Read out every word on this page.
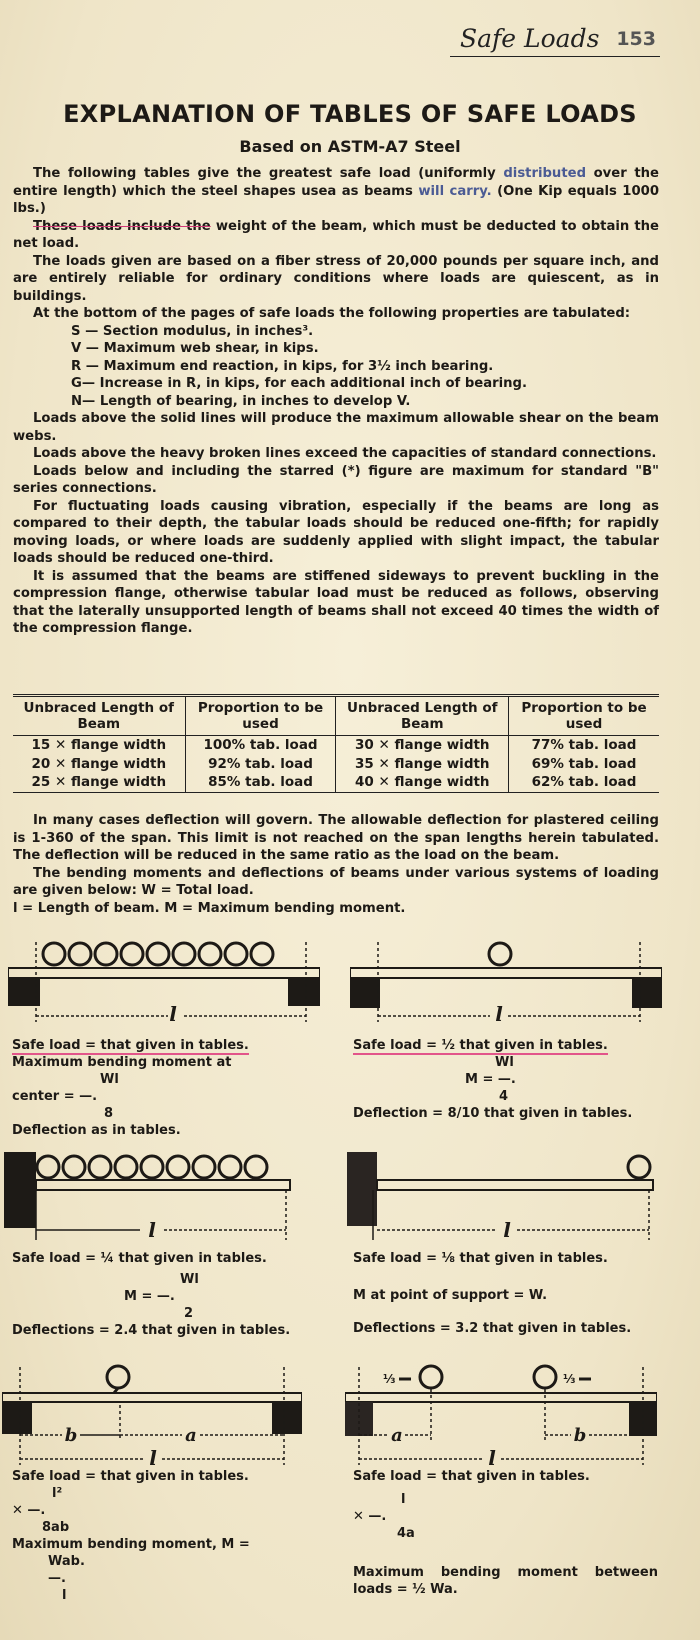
Safe Loads 153
EXPLANATION OF TABLES OF SAFE LOADS
Based on ASTM-A7 Steel

The following tables give the greatest safe load (uniformly distributed over the entire length) which the steel shapes usea as beams will carry. (One Kip equals 1000 lbs.)

These loads include the weight of the beam, which must be deducted to obtain the net load.

The loads given are based on a fiber stress of 20,000 pounds per square inch, and are entirely reliable for ordinary conditions where loads are quiescent, as in buildings.

At the bottom of the pages of safe loads the following properties are tabulated:

S — Section modulus, in inches³.

V — Maximum web shear, in kips.

R — Maximum end reaction, in kips, for 3½ inch bearing.

G— Increase in R, in kips, for each additional inch of bearing.

N— Length of bearing, in inches to develop V.

Loads above the solid lines will produce the maximum allowable shear on the beam webs.

Loads above the heavy broken lines exceed the capacities of standard connections.

Loads below and including the starred (*) figure are maximum for standard "B" series connections.

For fluctuating loads causing vibration, especially if the beams are long as compared to their depth, the tabular loads should be reduced one-fifth; for rapidly moving loads, or where loads are suddenly applied with slight impact, the tabular loads should be reduced one-third.

It is assumed that the beams are stiffened sideways to prevent buckling in the compression flange, otherwise tabular load must be reduced as follows, observing that the laterally unsupported length of beams shall not exceed 40 times the width of the compression flange.

Unbraced Length of Beam	Proportion to be used	Unbraced Length of Beam	Proportion to be used
15 ✕ flange width	100% tab. load	30 ✕ flange width	77% tab. load
20 ✕ flange width	92% tab. load	35 ✕ flange width	69% tab. load
25 ✕ flange width	85% tab. load	40 ✕ flange width	62% tab. load

In many cases deflection will govern. The allowable deflection for plastered ceiling is 1-360 of the span. This limit is not reached on the span lengths herein tabulated. The deflection will be reduced in the same ratio as the load on the beam.

The bending moments and deflections of beams under various systems of loading are given below: W = Total load.

l = Length of beam. M = Maximum bending moment.

l	l
Safe load = that given in tables.
Maximum bending moment at
Wl
center = —.
8
Deflection as in tables.
Safe load = ½ that given in tables.
Wl
M = —.
4
Deflection = 8/10 that given in tables.
l	l
Safe load = ¼ that given in tables.
Wl
M = —.
2
Deflections = 2.4 that given in tables.
Safe load = ⅛ that given in tables.
M at point of support = W.
Deflections = 3.2 that given in tables.
b	a
l
⅓	⅓
a	b
l
Safe load = that given in tables.
l²
✕ —.
8ab
Maximum bending moment, M =
Wab.
—.
l
Safe load = that given in tables.
l
✕ —.
4a
Maximum bending moment between loads = ½ Wa.
